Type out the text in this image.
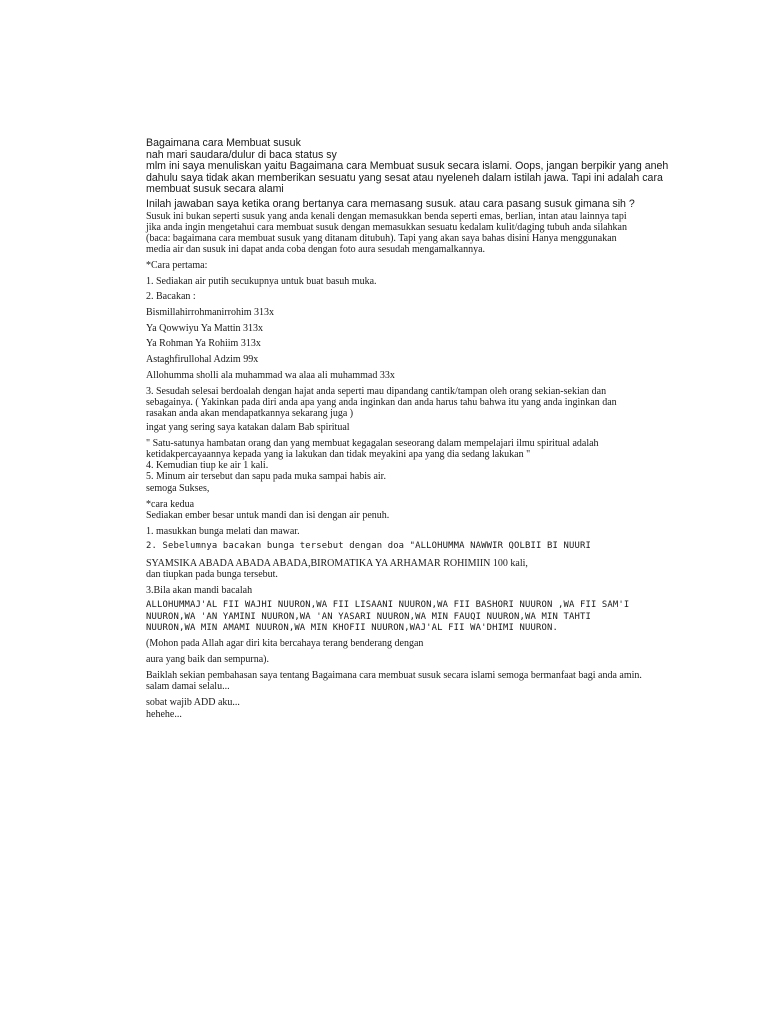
Bagaimana cara Membuat susuk
nah mari saudara/dulur di baca status sy
mlm ini saya menuliskan yaitu Bagaimana cara Membuat susuk secara islami. Oops, jangan berpikir yang aneh
dahulu saya tidak akan memberikan sesuatu yang sesat atau nyeleneh dalam istilah jawa. Tapi ini adalah cara
membuat susuk secara alami
Inilah jawaban saya ketika orang bertanya cara memasang susuk. atau cara pasang susuk gimana sih ?
Susuk ini bukan seperti susuk yang anda kenali dengan memasukkan benda seperti emas, berlian, intan atau lainnya tapi
jika anda ingin mengetahui cara membuat susuk dengan memasukkan sesuatu kedalam kulit/daging tubuh anda silahkan
(baca: bagaimana cara membuat susuk yang ditanam ditubuh). Tapi yang akan saya bahas disini Hanya menggunakan
media air dan susuk ini dapat anda coba dengan foto aura sesudah mengamalkannya.
*Cara pertama:
1. Sediakan air putih secukupnya untuk buat basuh muka.
2. Bacakan :
Bismillahirrohmanirrohim 313x
Ya Qowwiyu Ya Mattin 313x
Ya Rohman Ya Rohiim 313x
Astaghfirullohal Adzim 99x
Allohumma sholli ala muhammad wa alaa ali muhammad 33x
3. Sesudah selesai berdoalah dengan hajat anda seperti mau dipandang cantik/tampan oleh orang sekian-sekian dan
sebagainya. ( Yakinkan pada diri anda apa yang anda inginkan dan anda harus tahu bahwa itu yang anda inginkan dan
rasakan anda akan mendapatkannya sekarang juga )
ingat yang sering saya katakan dalam Bab spiritual
" Satu-satunya hambatan orang dan yang membuat kegagalan seseorang dalam mempelajari ilmu spiritual adalah
ketidakpercayaannya kepada yang ia lakukan dan tidak meyakini apa yang dia sedang lakukan "
4. Kemudian tiup ke air 1 kali.
5. Minum air tersebut dan sapu pada muka sampai habis air.
semoga Sukses,
*cara kedua
Sediakan ember besar untuk mandi dan isi dengan air penuh.
1. masukkan bunga melati dan mawar.
2. Sebelumnya bacakan bunga tersebut dengan doa "ALLOHUMMA NAWWIR QOLBII BI NUURI
SYAMSIKA ABADA ABADA ABADA,BIROMATIKA YA ARHAMAR ROHIMIIN 100 kali,
dan tiupkan pada bunga tersebut.
3.Bila akan mandi bacalah
ALLOHUMMAJ'AL FII WAJHI NUURON,WA FII LISAANI NUURON,WA FII BASHORI NUURON ,WA FII SAM'I
NUURON,WA 'AN YAMINI NUURON,WA 'AN YASARI NUURON,WA MIN FAUQI NUURON,WA MIN TAHTI
NUURON,WA MIN AMAMI NUURON,WA MIN KHOFII NUURON,WAJ'AL FII WA'DHIMI NUURON.
(Mohon pada Allah agar diri kita bercahaya terang benderang dengan
aura yang baik dan sempurna).
Baiklah sekian pembahasan saya tentang Bagaimana cara membuat susuk secara islami semoga bermanfaat bagi anda amin.
salam damai selalu...
sobat wajib ADD aku...
hehehe...
